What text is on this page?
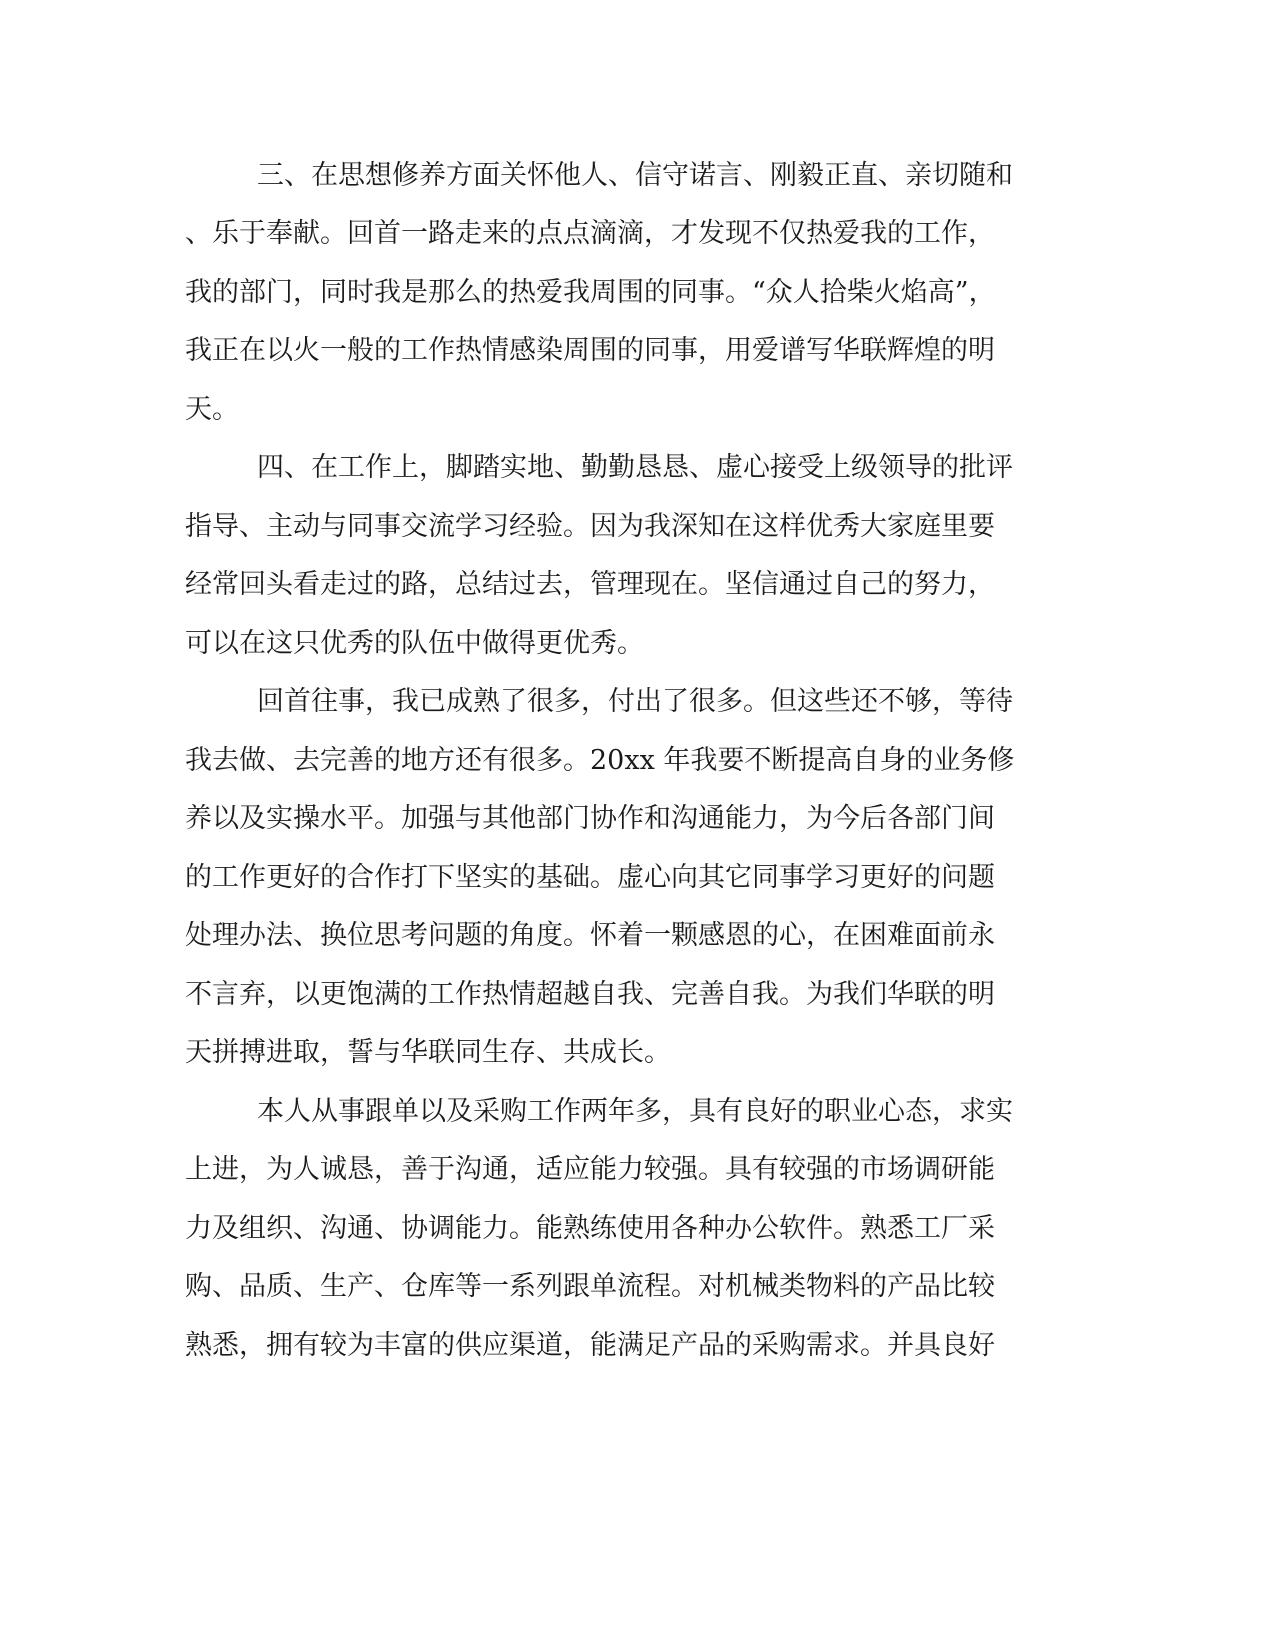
三、在思想修养方面关怀他人、信守诺言、刚毅正直、亲切随和
、乐于奉献。回首一路走来的点点滴滴，才发现不仅热爱我的工作，
我的部门，同时我是那么的热爱我周围的同事。“众人拾柴火焰高”，
我正在以火一般的工作热情感染周围的同事，用爱谱写华联辉煌的明
天。
四、在工作上，脚踏实地、勤勤恳恳、虚心接受上级领导的批评
指导、主动与同事交流学习经验。因为我深知在这样优秀大家庭里要
经常回头看走过的路，总结过去，管理现在。坚信通过自己的努力，
可以在这只优秀的队伍中做得更优秀。
回首往事，我已成熟了很多，付出了很多。但这些还不够，等待
我去做、去完善的地方还有很多。20xx 年我要不断提高自身的业务修
养以及实操水平。加强与其他部门协作和沟通能力，为今后各部门间
的工作更好的合作打下坚实的基础。虚心向其它同事学习更好的问题
处理办法、换位思考问题的角度。怀着一颗感恩的心，在困难面前永
不言弃，以更饱满的工作热情超越自我、完善自我。为我们华联的明
天拼搏进取，誓与华联同生存、共成长。
本人从事跟单以及采购工作两年多，具有良好的职业心态，求实
上进，为人诚恳，善于沟通，适应能力较强。具有较强的市场调研能
力及组织、沟通、协调能力。能熟练使用各种办公软件。熟悉工厂采
购、品质、生产、仓库等一系列跟单流程。对机械类物料的产品比较
熟悉，拥有较为丰富的供应渠道，能满足产品的采购需求。并具良好
